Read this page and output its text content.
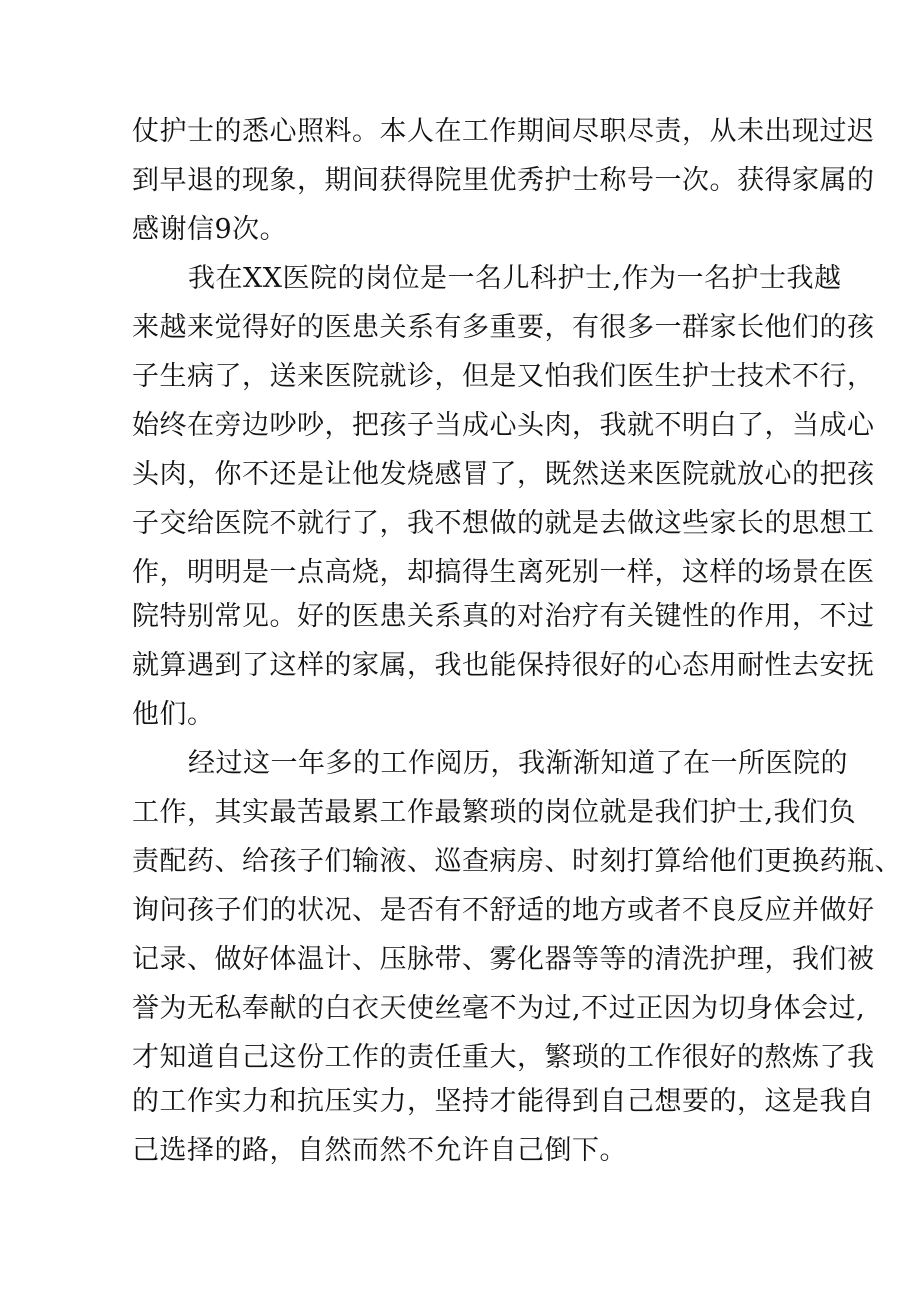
仗护士的悉心照料。本人在工作期间尽职尽责，从未出现过迟
到早退的现象，期间获得院里优秀护士称号一次。获得家属的
感谢信9次。
我在XX医院的岗位是一名儿科护士,作为一名护士我越
来越来觉得好的医患关系有多重要，有很多一群家长他们的孩
子生病了，送来医院就诊，但是又怕我们医生护士技术不行，
始终在旁边吵吵，把孩子当成心头肉，我就不明白了，当成心
头肉，你不还是让他发烧感冒了，既然送来医院就放心的把孩
子交给医院不就行了，我不想做的就是去做这些家长的思想工
作，明明是一点高烧，却搞得生离死别一样，这样的场景在医
院特别常见。好的医患关系真的对治疗有关键性的作用，不过
就算遇到了这样的家属，我也能保持很好的心态用耐性去安抚
他们。
经过这一年多的工作阅历，我渐渐知道了在一所医院的
工作，其实最苦最累工作最繁琐的岗位就是我们护士,我们负
责配药、给孩子们输液、巡查病房、时刻打算给他们更换药瓶、
询问孩子们的状况、是否有不舒适的地方或者不良反应并做好
记录、做好体温计、压脉带、雾化器等等的清洗护理，我们被
誉为无私奉献的白衣天使丝毫不为过,不过正因为切身体会过,
才知道自己这份工作的责任重大，繁琐的工作很好的熬炼了我
的工作实力和抗压实力，坚持才能得到自己想要的，这是我自
己选择的路，自然而然不允许自己倒下。
